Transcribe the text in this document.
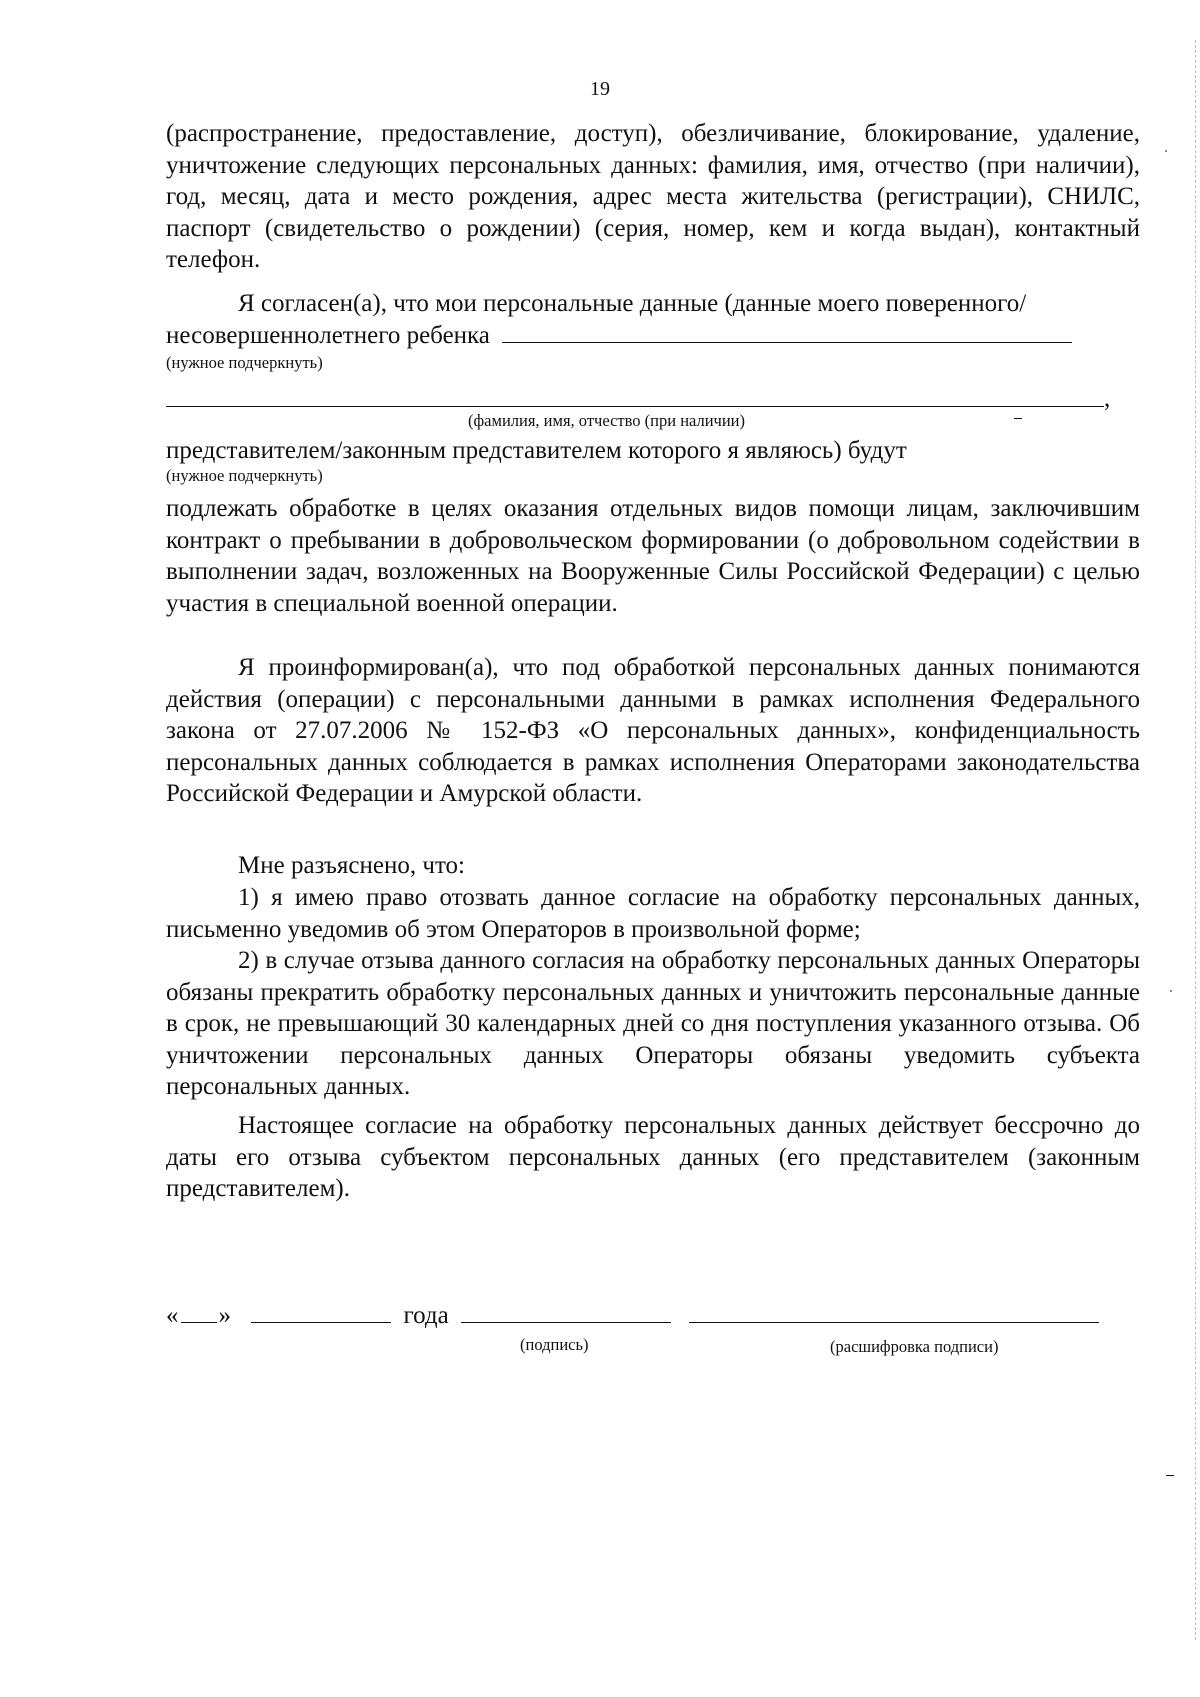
19
(распространение, предоставление, доступ), обезличивание, блокирование, удаление, уничтожение следующих персональных данных: фамилия, имя, отчество (при наличии), год, месяц, дата и место рождения, адрес места жительства (регистрации), СНИЛС, паспорт (свидетельство о рождении) (серия, номер, кем и когда выдан), контактный телефон.
Я согласен(а), что мои персональные данные (данные моего поверенного/
несовершеннолетнего ребенка
(нужное подчеркнуть)
,
(фамилия, имя, отчество (при наличии)
представителем/законным представителем которого я являюсь) будут
(нужное подчеркнуть)
подлежать обработке в целях оказания отдельных видов помощи лицам, заключившим контракт о пребывании в добровольческом формировании (о добровольном содействии в выполнении задач, возложенных на Вооруженные Силы Российской Федерации) с целью участия в специальной военной операции.
Я проинформирован(а), что под обработкой персональных данных понимаются действия (операции) с персональными данными в рамках исполнения Федерального закона от 27.07.2006 № 152-ФЗ «О персональных данных», конфиденциальность персональных данных соблюдается в рамках исполнения Операторами законодательства Российской Федерации и Амурской области.
Мне разъяснено, что:
1) я имею право отозвать данное согласие на обработку персональных данных, письменно уведомив об этом Операторов в произвольной форме;
2) в случае отзыва данного согласия на обработку персональных данных Операторы обязаны прекратить обработку персональных данных и уничтожить персональные данные в срок, не превышающий 30 календарных дней со дня поступления указанного отзыва. Об уничтожении персональных данных Операторы обязаны уведомить субъекта персональных данных.
Настоящее согласие на обработку персональных данных действует бессрочно до даты его отзыва субъектом персональных данных (его представителем (законным представителем).
« »	года
(подпись)	(расшифровка подписи)
